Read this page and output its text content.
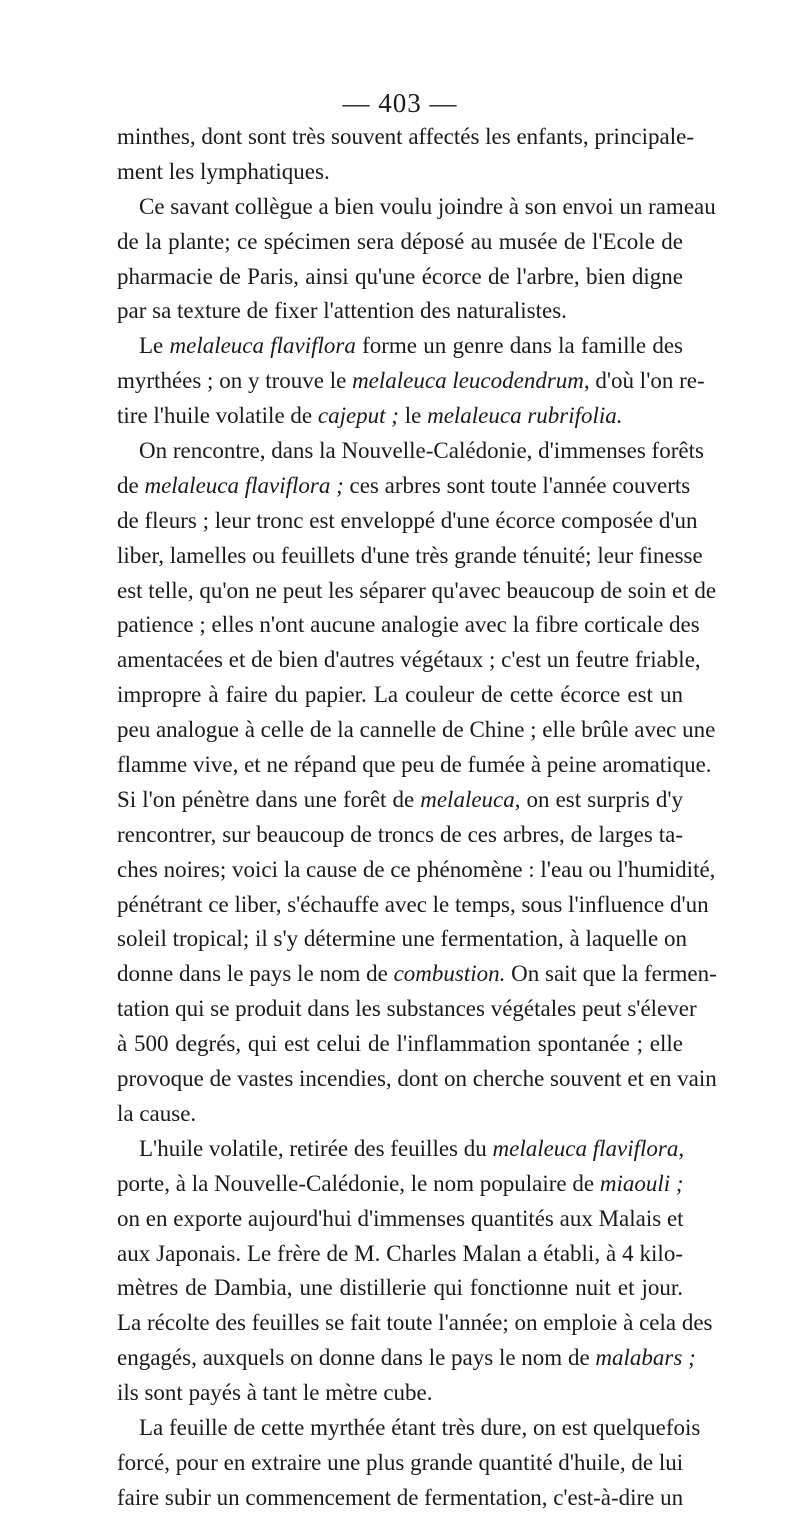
— 403 —
minthes, dont sont très souvent affectés les enfants, principale-
ment les lymphatiques.
Ce savant collègue a bien voulu joindre à son envoi un rameau
de la plante; ce spécimen sera déposé au musée de l'Ecole de
pharmacie de Paris, ainsi qu'une écorce de l'arbre, bien digne
par sa texture de fixer l'attention des naturalistes.
Le melaleuca flaviflora forme un genre dans la famille des
myrthées ; on y trouve le melaleuca leucodendrum, d'où l'on re-
tire l'huile volatile de cajeput ; le melaleuca rubrifolia.
On rencontre, dans la Nouvelle-Calédonie, d'immenses forêts
de melaleuca flaviflora ; ces arbres sont toute l'année couverts
de fleurs ; leur tronc est enveloppé d'une écorce composée d'un
liber, lamelles ou feuillets d'une très grande ténuité; leur finesse
est telle, qu'on ne peut les séparer qu'avec beaucoup de soin et de
patience ; elles n'ont aucune analogie avec la fibre corticale des
amentacées et de bien d'autres végétaux ; c'est un feutre friable,
impropre à faire du papier. La couleur de cette écorce est un
peu analogue à celle de la cannelle de Chine ; elle brûle avec une
flamme vive, et ne répand que peu de fumée à peine aromatique.
Si l'on pénètre dans une forêt de melaleuca, on est surpris d'y
rencontrer, sur beaucoup de troncs de ces arbres, de larges ta-
ches noires; voici la cause de ce phénomène : l'eau ou l'humidité,
pénétrant ce liber, s'échauffe avec le temps, sous l'influence d'un
soleil tropical; il s'y détermine une fermentation, à laquelle on
donne dans le pays le nom de combustion. On sait que la fermen-
tation qui se produit dans les substances végétales peut s'élever
à 500 degrés, qui est celui de l'inflammation spontanée ; elle
provoque de vastes incendies, dont on cherche souvent et en vain
la cause.
L'huile volatile, retirée des feuilles du melaleuca flaviflora,
porte, à la Nouvelle-Calédonie, le nom populaire de miaouli ;
on en exporte aujourd'hui d'immenses quantités aux Malais et
aux Japonais. Le frère de M. Charles Malan a établi, à 4 kilo-
mètres de Dambia, une distillerie qui fonctionne nuit et jour.
La récolte des feuilles se fait toute l'année; on emploie à cela des
engagés, auxquels on donne dans le pays le nom de malabars ;
ils sont payés à tant le mètre cube.
La feuille de cette myrthée étant très dure, on est quelquefois
forcé, pour en extraire une plus grande quantité d'huile, de lui
faire subir un commencement de fermentation, c'est-à-dire un
